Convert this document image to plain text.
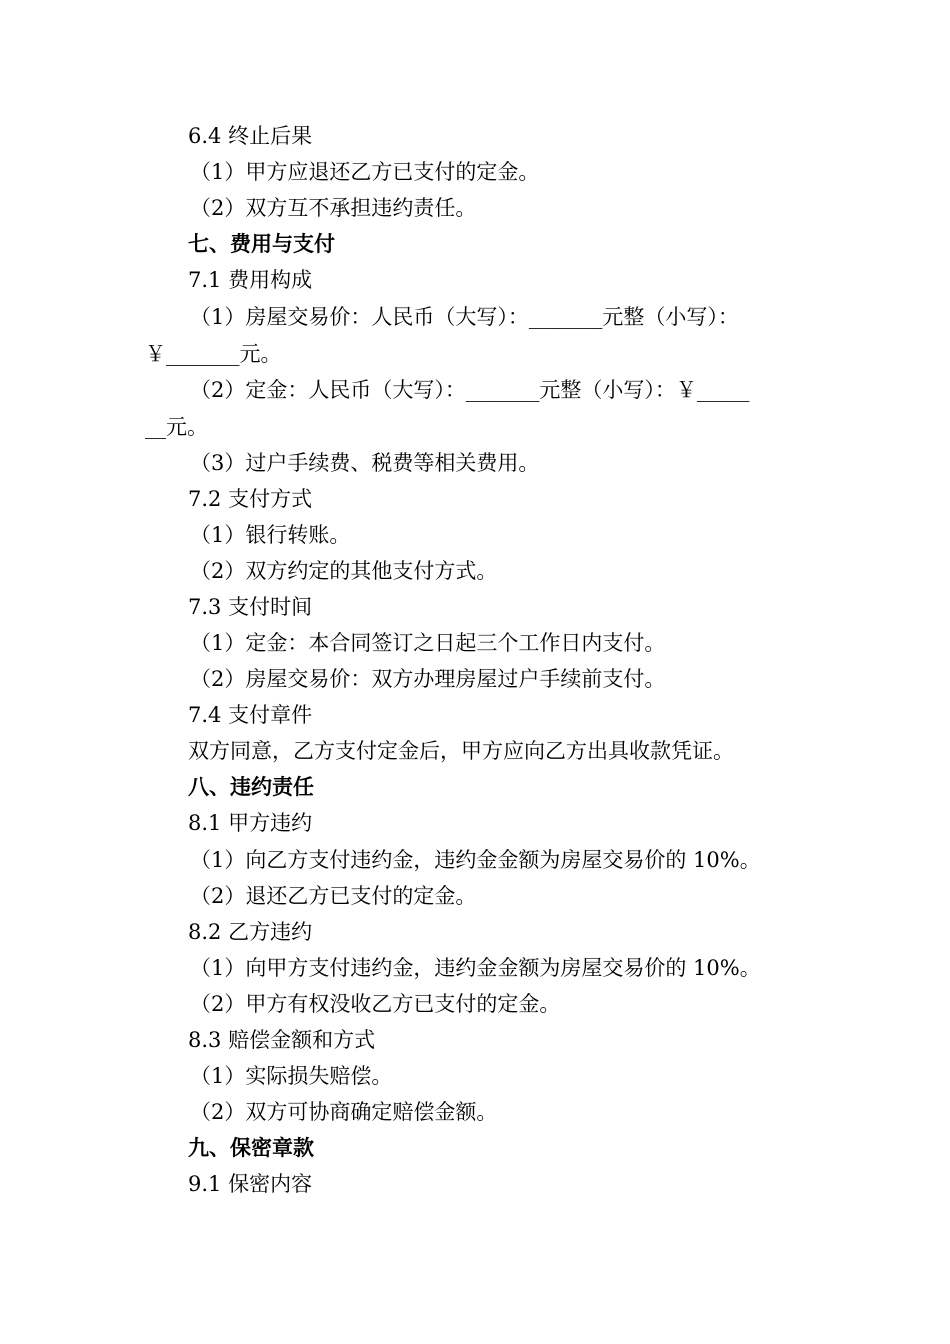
6.4 终止后果
（1）甲方应退还乙方已支付的定金。
（2）双方互不承担违约责任。
七、费用与支付
7.1 费用构成
（1）房屋交易价：人民币（大写）：_______元整（小写）：
￥_______元。
（2）定金：人民币（大写）：_______元整（小写）：￥_____
__元。
（3）过户手续费、税费等相关费用。
7.2 支付方式
（1）银行转账。
（2）双方约定的其他支付方式。
7.3 支付时间
（1）定金：本合同签订之日起三个工作日内支付。
（2）房屋交易价：双方办理房屋过户手续前支付。
7.4 支付章件
双方同意，乙方支付定金后，甲方应向乙方出具收款凭证。
八、违约责任
8.1 甲方违约
（1）向乙方支付违约金，违约金金额为房屋交易价的 10%。
（2）退还乙方已支付的定金。
8.2 乙方违约
（1）向甲方支付违约金，违约金金额为房屋交易价的 10%。
（2）甲方有权没收乙方已支付的定金。
8.3 赔偿金额和方式
（1）实际损失赔偿。
（2）双方可协商确定赔偿金额。
九、保密章款
9.1 保密内容
